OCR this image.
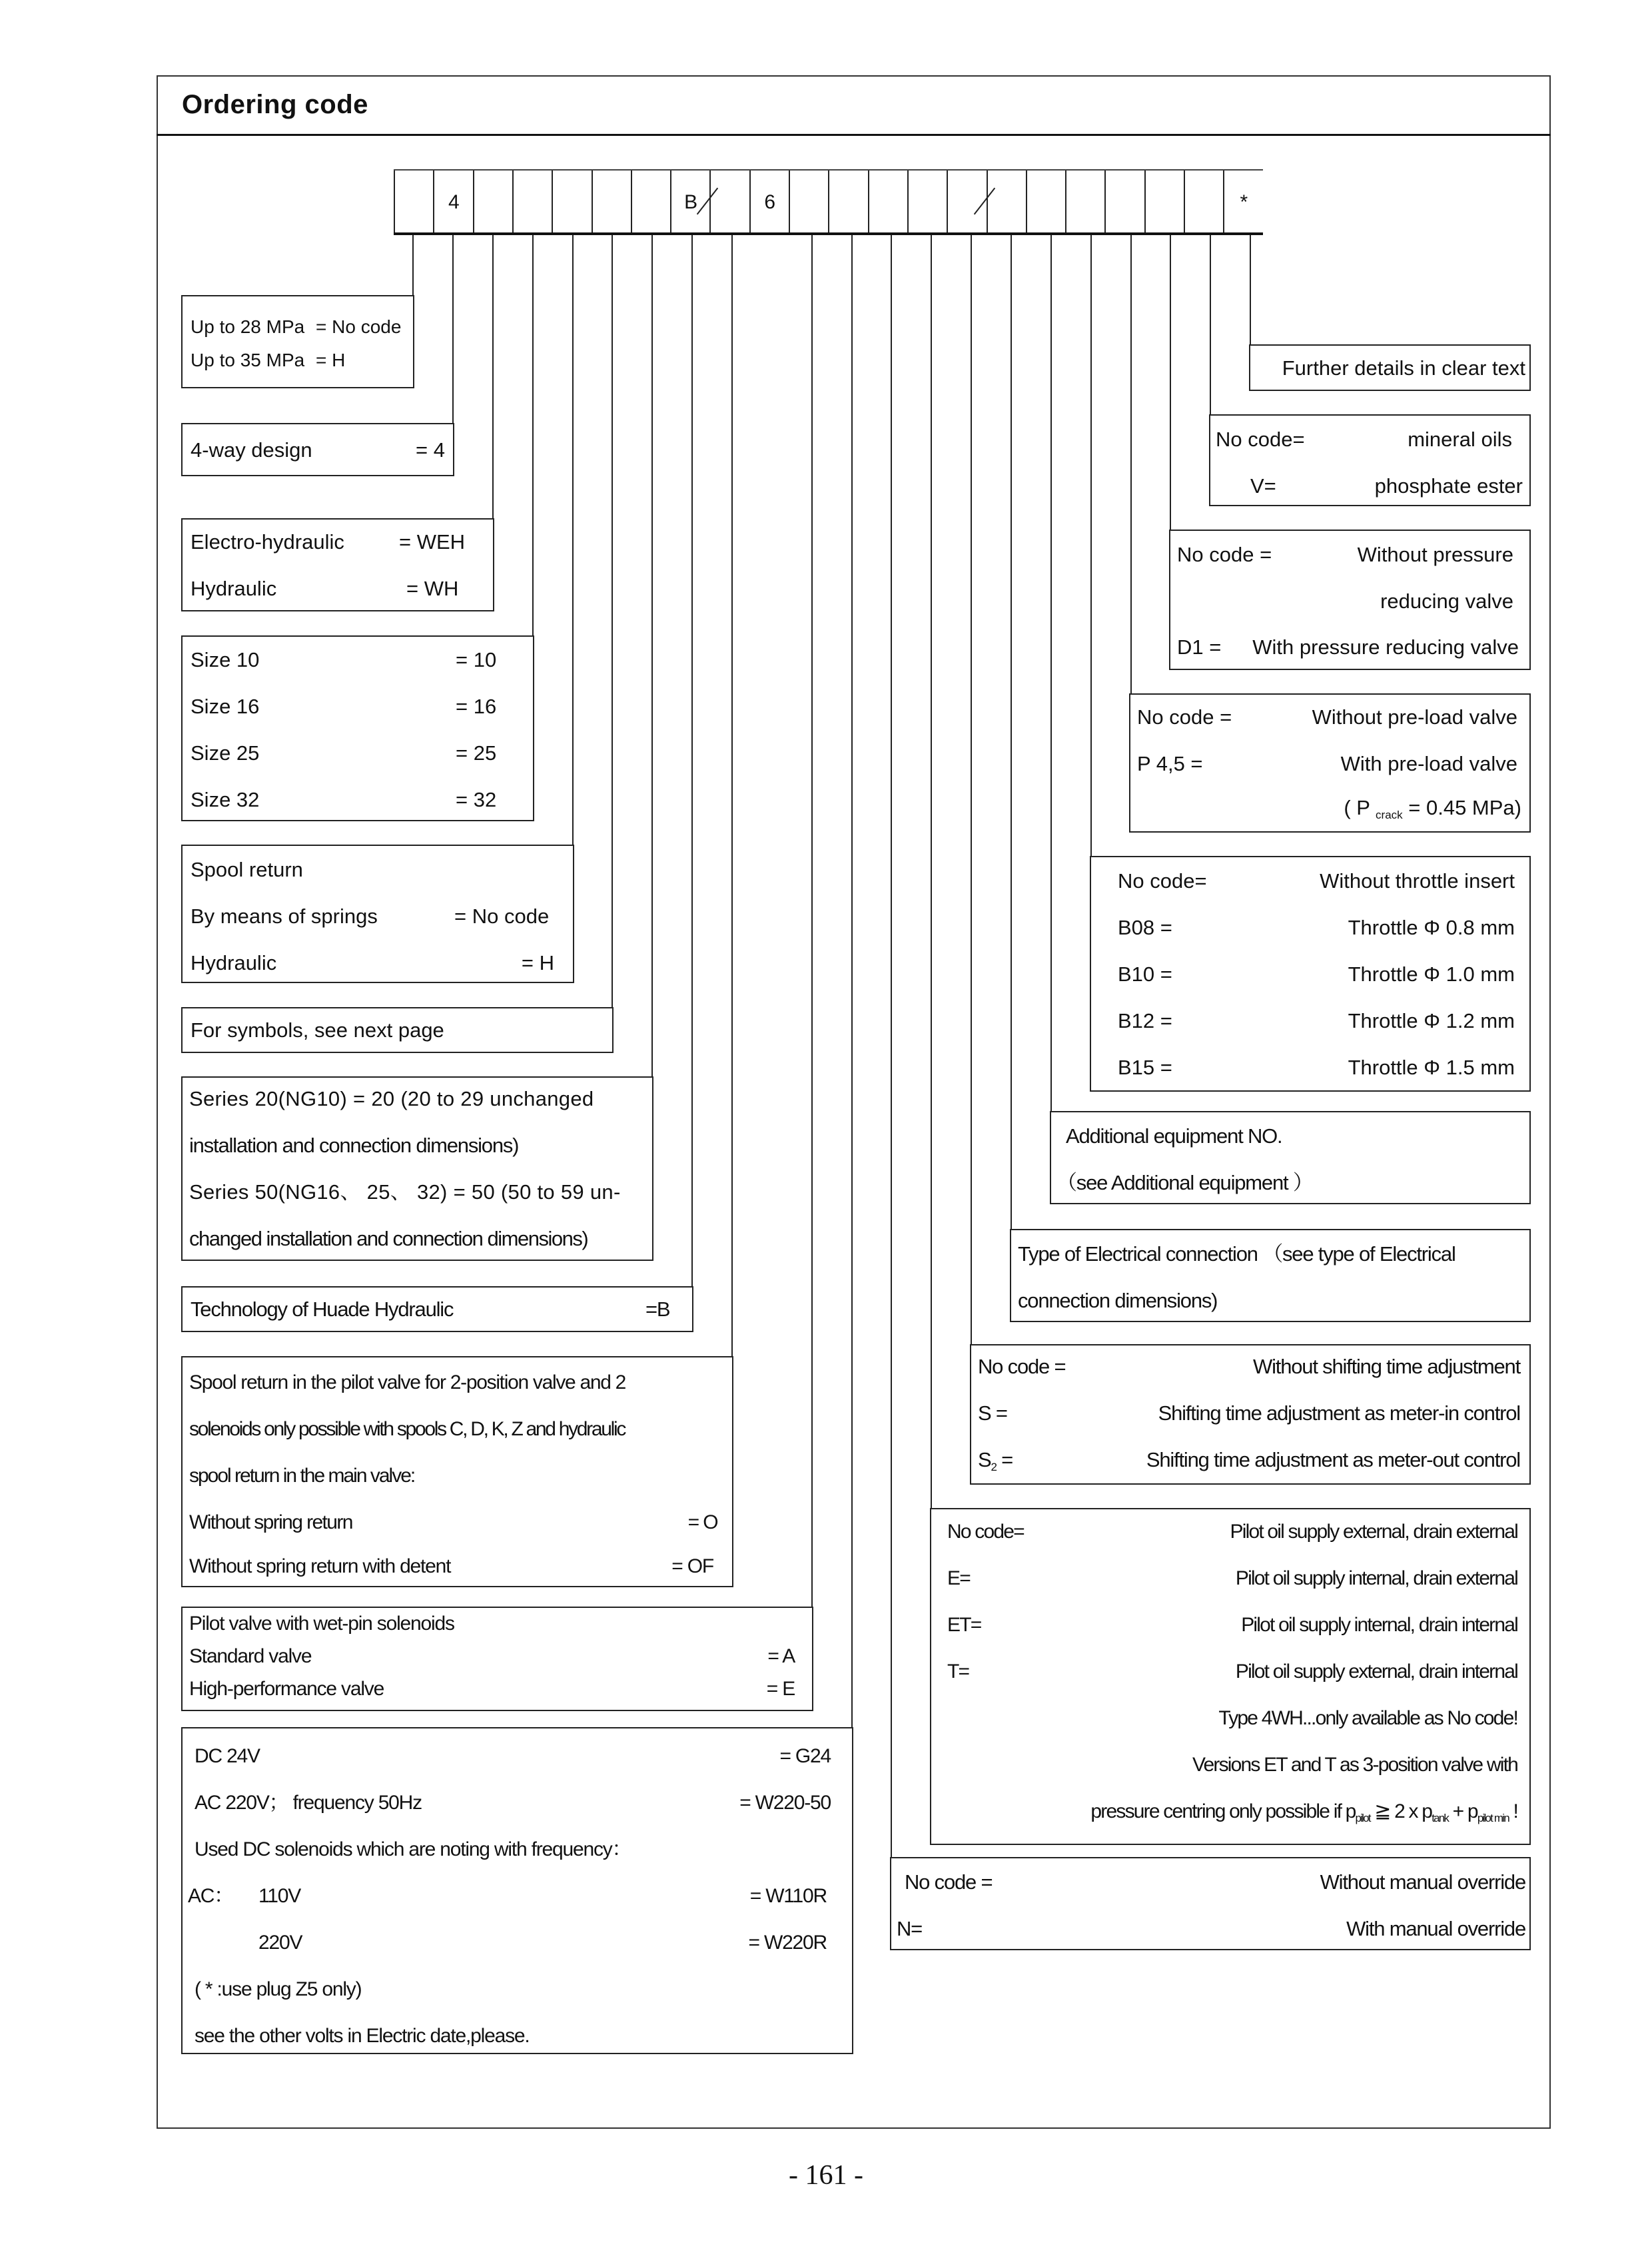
Ordering code
4	B	6	*
Up to 28 MPa = No code
Up to 35 MPa = H
4-way design	= 4
Electro-hydraulic	= WEH
Hydraulic	= WH
Size 10	= 10
Size 16	= 16
Size 25	= 25
Size 32	= 32
Spool return
By means of springs	= No code
Hydraulic	= H
For symbols, see next page
Series 20(NG10) = 20 (20 to 29 unchanged
installation and connection dimensions)
Series 50(NG16、 25、 32) = 50 (50 to 59 un-
changed installation and connection dimensions)
Technology of Huade Hydraulic	=B
Spool return in the pilot valve for 2-position valve and 2
solenoids only possible with spools C, D, K, Z and hydraulic
spool return in the main valve:
Without spring return	= O
Without spring return with detent	= OF
Pilot valve with wet-pin solenoids
Standard valve	= A
High-performance valve	= E
DC 24V	= G24
AC 220V； frequency 50Hz	= W220-50
Used DC solenoids which are noting with frequency：
AC： 110V	= W110R
220V	= W220R
( * :use plug Z5 only)
see the other volts in Electric date,please.
Further details in clear text
No code=	mineral oils
V=	phosphate ester
No code =	Without pressure
reducing valve
D1 = With pressure reducing valve
No code =	Without pre-load valve
P 4,5 =	With pre-load valve
( P $_{crack}$ = 0.45 MPa)
No code=	Without throttle insert
B08 =	Throttle Φ 0.8 mm
B10 =	Throttle Φ 1.0 mm
B12 =	Throttle Φ 1.2 mm
B15 =	Throttle Φ 1.5 mm
Additional equipment NO.
（see Additional equipment ）
Type of Electrical connection （see type of Electrical
connection dimensions)
No code =	Without shifting time adjustment
S =	Shifting time adjustment as meter-in control
$S_2$ =	Shifting time adjustment as meter-out control
No code=	Pilot oil supply external, drain external
E=	Pilot oil supply internal, drain external
ET=	Pilot oil supply internal, drain internal
T=	Pilot oil supply external, drain internal
Type 4WH...only available as No code!
Versions ET and T as 3-position valve with
pressure centring only possible if $p_{pilot}$ ≧ 2 x $p_{tank} + p_{pilot min}$ !
No code =	Without manual override
N=	With manual override
- 161 -
